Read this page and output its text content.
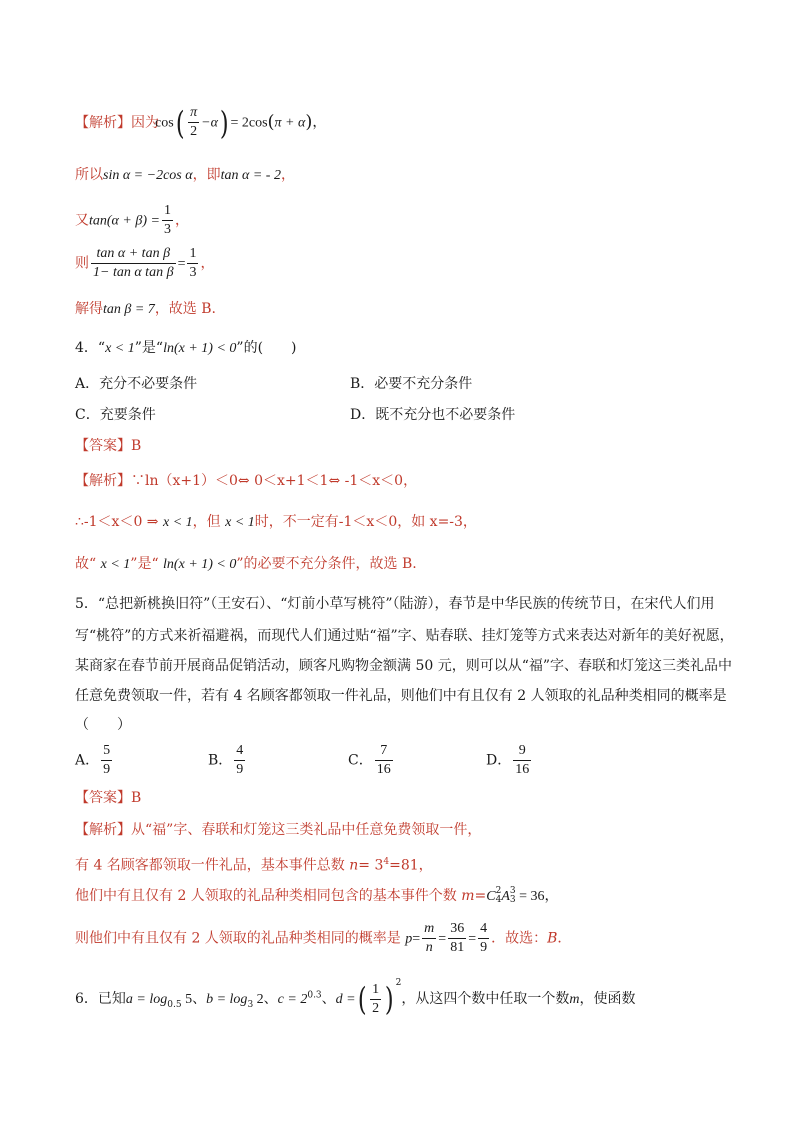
【解析】因为
$\cos( \frac{\pi}{2} -\alpha) = 2\cos(\pi + \alpha)$，
所以sin α = −2cos α，即tan α = - 2，
又$\tan(\alpha + \beta) = \frac{1}{3}$ ，
则 $\frac{\text{tan α + tan β}}{\text{1− tan α tan β}} = \frac{1}{3}$ ，
解得tan β = 7，故选 B.
4．“x < 1”是“ln(x + 1) < 0”的(　　)
A．充分不必要条件	B．必要不充分条件
C．充要条件	D．既不充分也不必要条件
【答案】B
【解析】∵ln（x+1）＜0⇔ 0＜x+1＜1⇔ -1＜x＜0，
∴-1＜x＜0 ⇒ x < 1，但 x < 1时，不一定有-1＜x＜0，如 x=-3，
故“ x < 1”是“ ln(x + 1) < 0”的必要不充分条件，故选 B.
5．“总把新桃换旧符”（王安石）、“灯前小草写桃符”（陆游），春节是中华民族的传统节日，在宋代人们用
写“桃符”的方式来祈福避祸，而现代人们通过贴“福”字、贴春联、挂灯笼等方式来表达对新年的美好祝愿，
某商家在春节前开展商品促销活动，顾客凡购物金额满 50 元，则可以从“福”字、春联和灯笼这三类礼品中
任意免费领取一件，若有 4 名顾客都领取一件礼品，则他们中有且仅有 2 人领取的礼品种类相同的概率是
（　　）
A． $\frac{5}{9}$	B． $\frac{4}{9}$	C． $\frac{7}{16}$	D． $\frac{9}{16}$
【答案】B
【解析】从“福”字、春联和灯笼这三类礼品中任意免费领取一件，
有 4 名顾客都领取一件礼品，基本事件总数 $n= 3^4=81$，
他们中有且仅有 2 人领取的礼品种类相同包含的基本事件个数 m=C 2
4 A 3
3 = 36，
则他们中有且仅有 2 人领取的礼品种类相同的概率是 $p= \frac{m}{n} = \frac{36}{81} = \frac{4}{9}$ ．故选：B．
6．已知$a = \log_{0.5} 5$、$b = \log_3 2$、$c = 2^{0.3}$、d =( $\frac{1}{2}$ ) $^2$，从这四个数中任取一个数m，使函数
